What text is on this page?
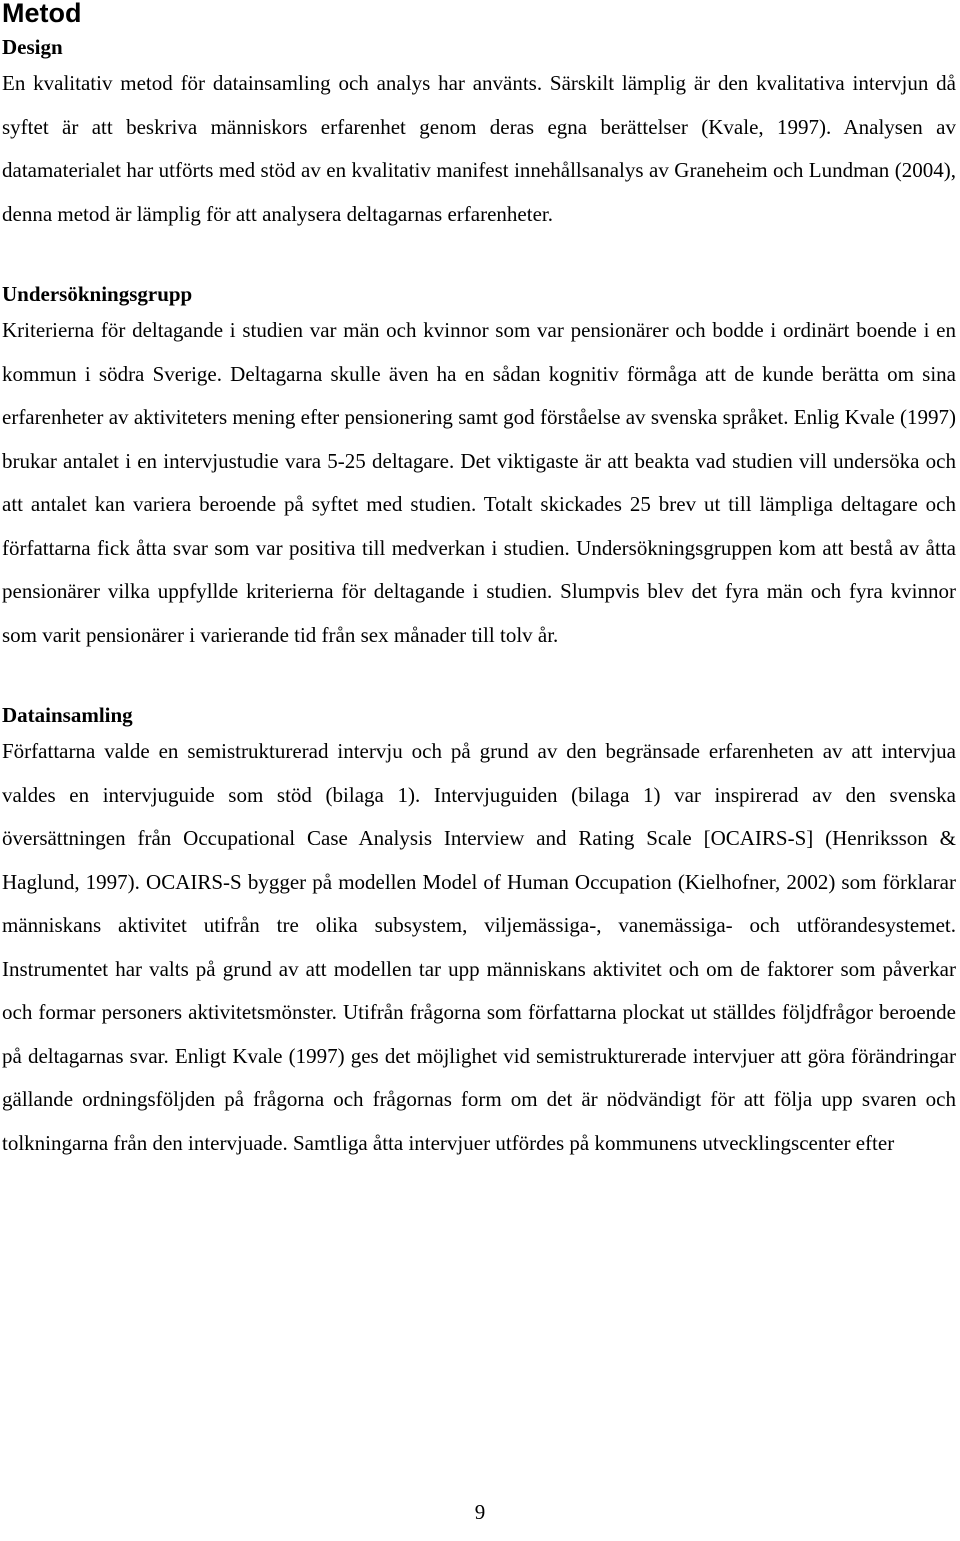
Metod
Design

En kvalitativ metod för datainsamling och analys har använts. Särskilt lämplig är den kvalitativa intervjun då syftet är att beskriva människors erfarenhet genom deras egna berättelser (Kvale, 1997). Analysen av datamaterialet har utförts med stöd av en kvalitativ manifest innehållsanalys av Graneheim och Lundman (2004), denna metod är lämplig för att analysera deltagarnas erfarenheter.

Undersökningsgrupp

Kriterierna för deltagande i studien var män och kvinnor som var pensionärer och bodde i ordinärt boende i en kommun i södra Sverige. Deltagarna skulle även ha en sådan kognitiv förmåga att de kunde berätta om sina erfarenheter av aktiviteters mening efter pensionering samt god förståelse av svenska språket. Enlig Kvale (1997) brukar antalet i en intervjustudie vara 5-25 deltagare. Det viktigaste är att beakta vad studien vill undersöka och att antalet kan variera beroende på syftet med studien. Totalt skickades 25 brev ut till lämpliga deltagare och författarna fick åtta svar som var positiva till medverkan i studien. Undersökningsgruppen kom att bestå av åtta pensionärer vilka uppfyllde kriterierna för deltagande i studien. Slumpvis blev det fyra män och fyra kvinnor som varit pensionärer i varierande tid från sex månader till tolv år.

Datainsamling

Författarna valde en semistrukturerad intervju och på grund av den begränsade erfarenheten av att intervjua valdes en intervjuguide som stöd (bilaga 1). Intervjuguiden (bilaga 1) var inspirerad av den svenska översättningen från Occupational Case Analysis Interview and Rating Scale [OCAIRS-S] (Henriksson & Haglund, 1997). OCAIRS-S bygger på modellen Model of Human Occupation (Kielhofner, 2002) som förklarar människans aktivitet utifrån tre olika subsystem, viljemässiga-, vanemässiga- och utförandesystemet. Instrumentet har valts på grund av att modellen tar upp människans aktivitet och om de faktorer som påverkar och formar personers aktivitetsmönster. Utifrån frågorna som författarna plockat ut ställdes följdfrågor beroende på deltagarnas svar. Enligt Kvale (1997) ges det möjlighet vid semistrukturerade intervjuer att göra förändringar gällande ordningsföljden på frågorna och frågornas form om det är nödvändigt för att följa upp svaren och tolkningarna från den intervjuade. Samtliga åtta intervjuer utfördes på kommunens utvecklingscenter efter

9
